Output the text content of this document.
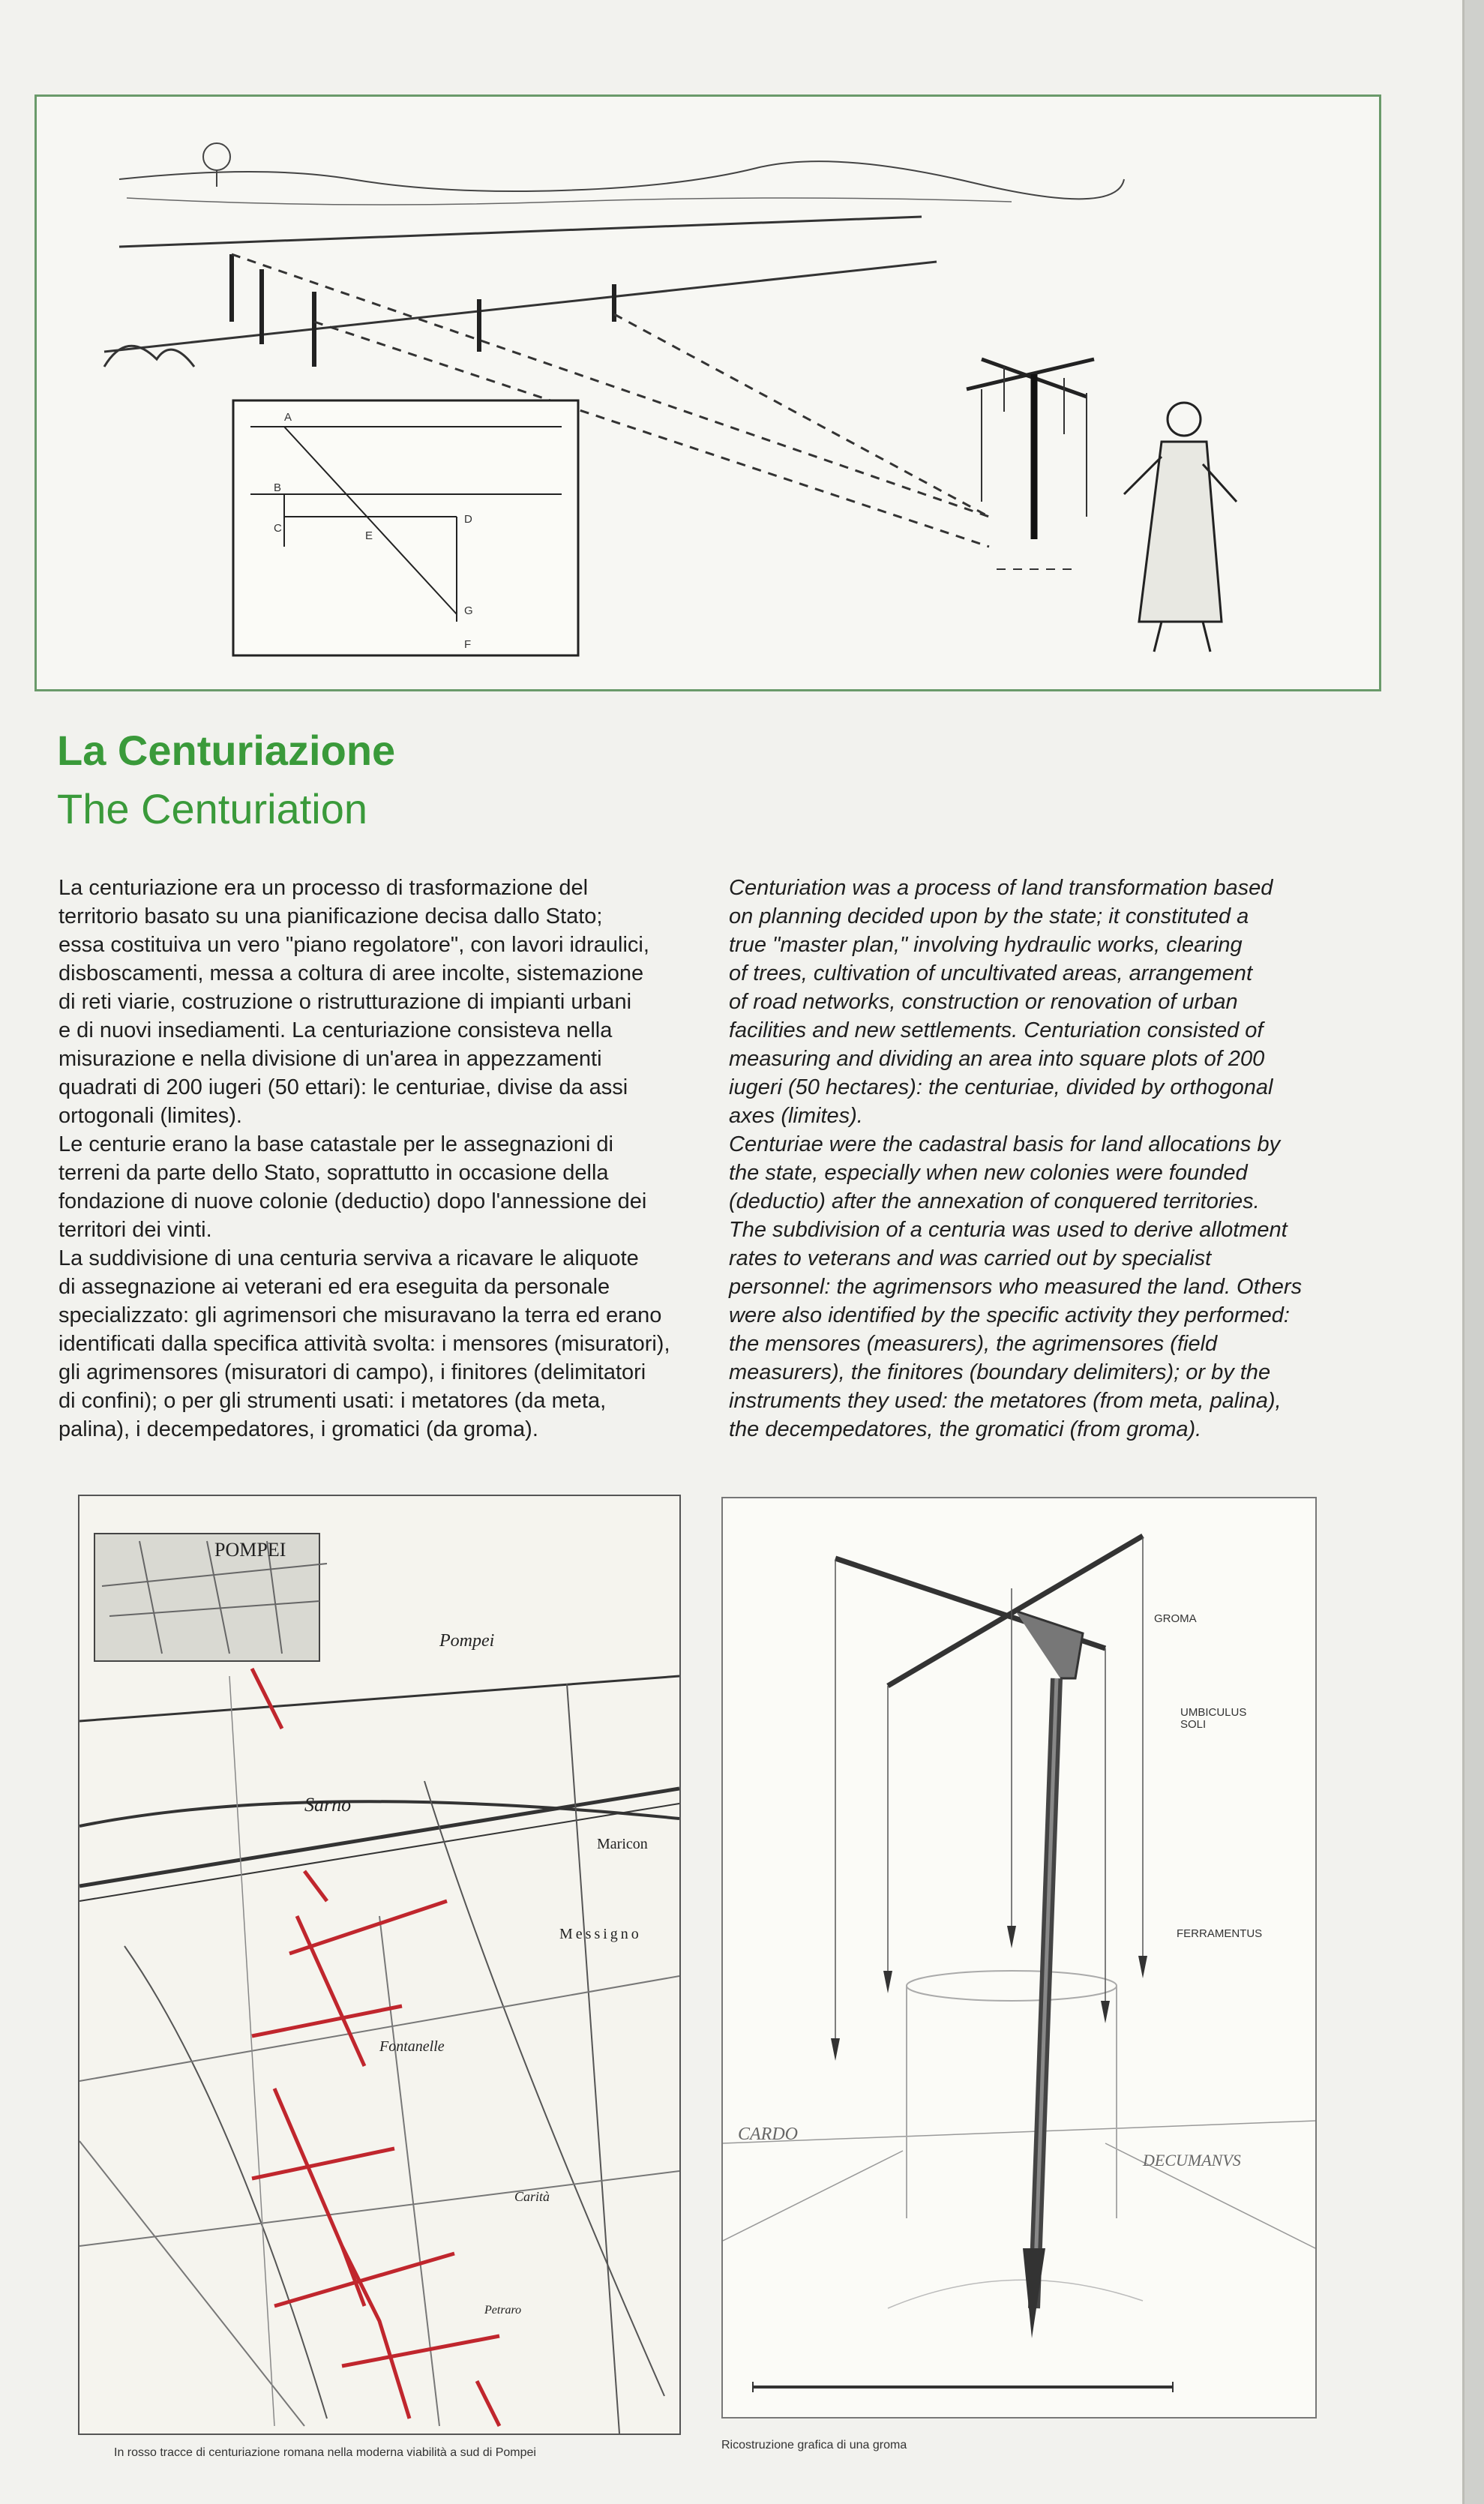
A
B
C
D
E
F
G
La Centuriazione
The Centuriation
La centuriazione era un processo di trasformazione del
territorio basato su una pianificazione decisa dallo Stato;
essa costituiva un vero "piano regolatore", con lavori idraulici,
disboscamenti, messa a coltura di aree incolte, sistemazione
di reti viarie, costruzione o ristrutturazione di impianti urbani
e di nuovi insediamenti. La centuriazione consisteva nella
misurazione e nella divisione di un'area in appezzamenti
quadrati di 200 iugeri (50 ettari): le centuriae, divise da assi
ortogonali (limites).
Le centurie erano la base catastale per le assegnazioni di
terreni da parte dello Stato, soprattutto in occasione della
fondazione di nuove colonie (deductio) dopo l'annessione dei
territori dei vinti.
La suddivisione di una centuria serviva a ricavare le aliquote
di assegnazione ai veterani ed era eseguita da personale
specializzato: gli agrimensori che misuravano la terra ed erano
identificati dalla specifica attività svolta: i mensores (misuratori),
gli agrimensores (misuratori di campo), i finitores (delimitatori
di confini); o per gli strumenti usati: i metatores (da meta,
palina), i decempedatores, i gromatici (da groma).
Centuriation was a process of land transformation based
on planning decided upon by the state; it constituted a
true "master plan," involving hydraulic works, clearing
of trees, cultivation of uncultivated areas, arrangement
of road networks, construction or renovation of urban
facilities and new settlements. Centuriation consisted of
measuring and dividing an area into square plots of 200
iugeri (50 hectares): the centuriae, divided by orthogonal
axes (limites).
Centuriae were the cadastral basis for land allocations by
the state, especially when new colonies were founded
(deductio) after the annexation of conquered territories.
The subdivision of a centuria was used to derive allotment
rates to veterans and was carried out by specialist
personnel: the agrimensors who measured the land. Others
were also identified by the specific activity they performed:
the mensores (measurers), the agrimensores (field
measurers), the finitores (boundary delimiters); or by the
instruments they used: the metatores (from meta, palina),
the decempedatores, the gromatici (from groma).
POMPEI
Pompei
Sarno
Maricon
Messigno
Fontanelle
Carità
Petraro
In rosso tracce di centuriazione romana nella moderna viabilità a sud di Pompei
GROMA
UMBICULUS
SOLI
FERRAMENTUS
CARDO
DECUMANVS
Ricostruzione grafica di una groma
